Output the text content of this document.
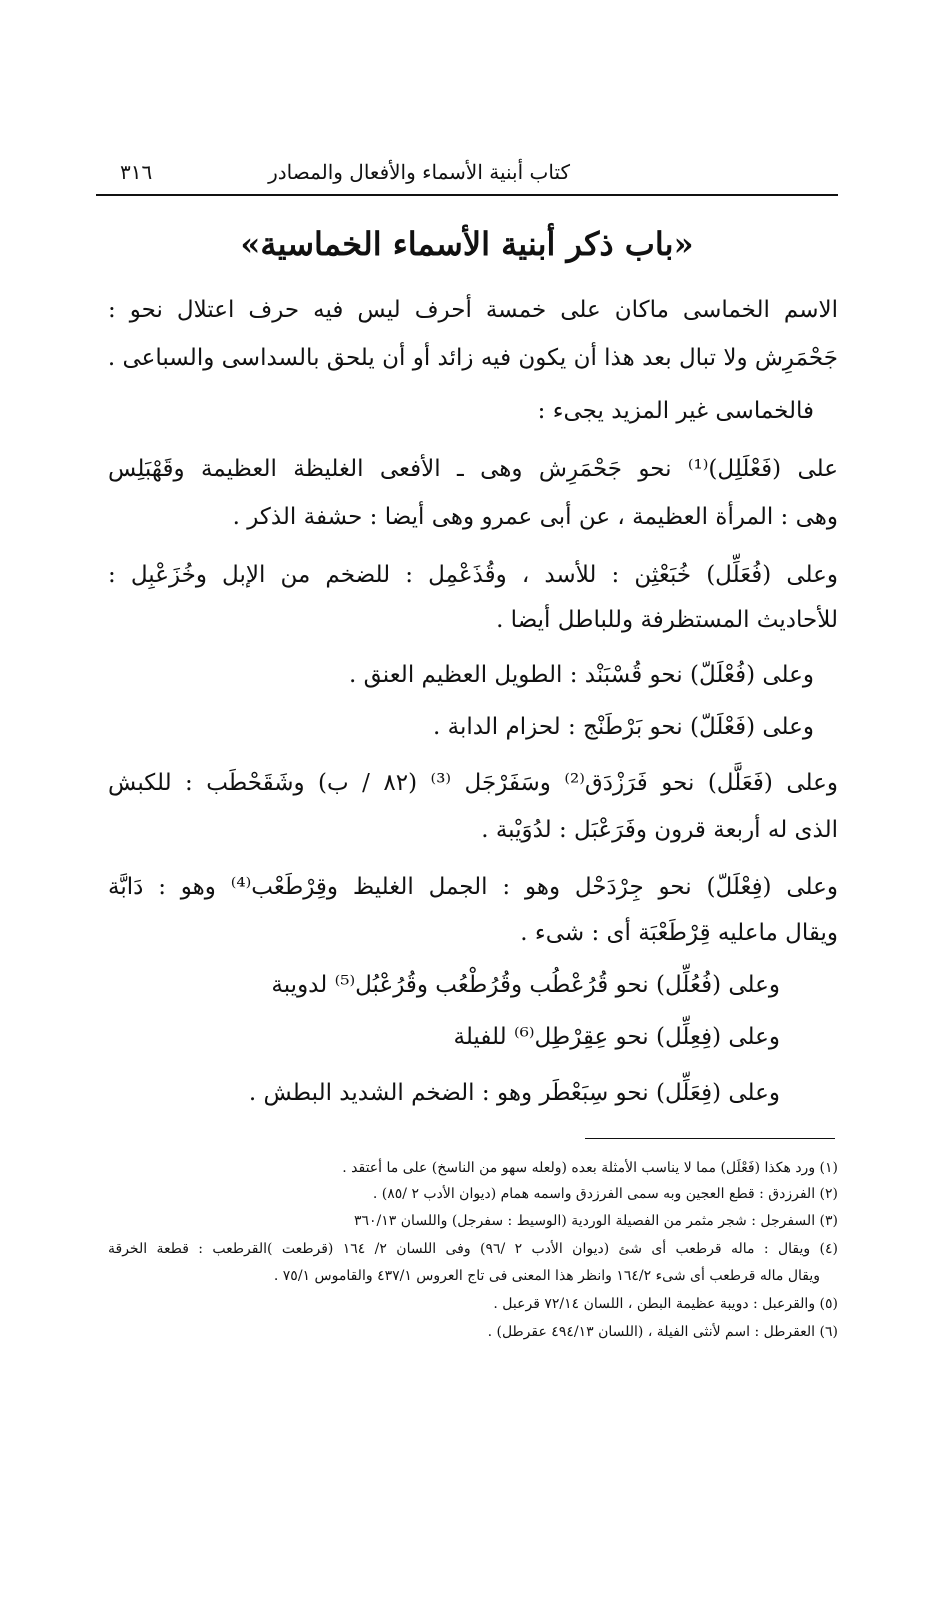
كتاب أبنية الأسماء والأفعال والمصادر
٣١٦
«باب ذكر أبنية الأسماء الخماسية»
الاسم الخماسى ماكان على خمسة أحرف ليس فيه حرف اعتلال نحو :
جَحْمَرِش ولا تبال بعد هذا أن يكون فيه زائد أو أن يلحق بالسداسى والسباعى .
فالخماسى غير المزيد يجىء :
على (فَعْلَلِل)⁽¹⁾ نحو جَحْمَرِش وهى ـ الأفعى الغليظة العظيمة وقَهْبَلِس
وهى : المرأة العظيمة ، عن أبى عمرو وهى أيضا : حشفة الذكر .
وعلى (فُعَلِّل) خُبَعْثِن : للأسد ، وقُذَعْمِل : للضخم من الإبل وخُزَعْبِل :
للأحاديث المستظرفة وللباطل أيضا .
وعلى (فُعْلَلّ) نحو قُسْبَنْد : الطويل العظيم العنق .
وعلى (فَعْلَلّ) نحو بَرْطَنْج : لحزام الدابة .
وعلى (فَعَلَّل) نحو فَرَزْدَق⁽²⁾ وسَفَرْجَل ⁽³⁾ (٨٢ / ب) وشَقَحْطَب : للكبش
الذى له أربعة قرون وفَرَعْبَل : لدُوَيْبة .
وعلى (فِعْلَلّ) نحو جِرْدَحْل وهو : الجمل الغليظ وقِرْطَعْب⁽⁴⁾ وهو : دَابَّة
ويقال ماعليه قِرْطَعْبَة أى : شىء .
وعلى (فُعُلِّل) نحو قُرُعْطُب وقُرُطْعُب وقُرُعْبُل⁽⁵⁾ لدويبة
وعلى (فِعِلِّل) نحو عِقِرْطِل⁽⁶⁾ للفيلة
وعلى (فِعَلِّل) نحو سِبَعْطَر وهو : الضخم الشديد البطش .
(١) ورد هكذا (فَعْلَل) مما لا يناسب الأمثلة بعده (ولعله سهو من الناسخ) على ما أعتقد .
(٢) الفرزدق : قطع العجين وبه سمى الفرزدق واسمه همام (ديوان الأدب ٢ /٨٥) .
(٣) السفرجل : شجر مثمر من الفصيلة الوردية (الوسيط : سفرجل) واللسان ٣٦٠/١٣
(٤) ويقال : ماله قرطعب أى شئ (ديوان الأدب ٢ /٩٦) وفى اللسان ٢/ ١٦٤ (قرطعت )القرطعب : قطعة الخرقة
ويقال ماله قرطعب أى شىء ١٦٤/٢ وانظر هذا المعنى فى تاج العروس ٤٣٧/١ والقاموس ٧٥/١ .
(٥) والقرعبل : دويبة عظيمة البطن ، اللسان ٧٢/١٤ قرعبل .
(٦) العقرطل : اسم لأنثى الفيلة ، (اللسان ٤٩٤/١٣ عقرطل) .
